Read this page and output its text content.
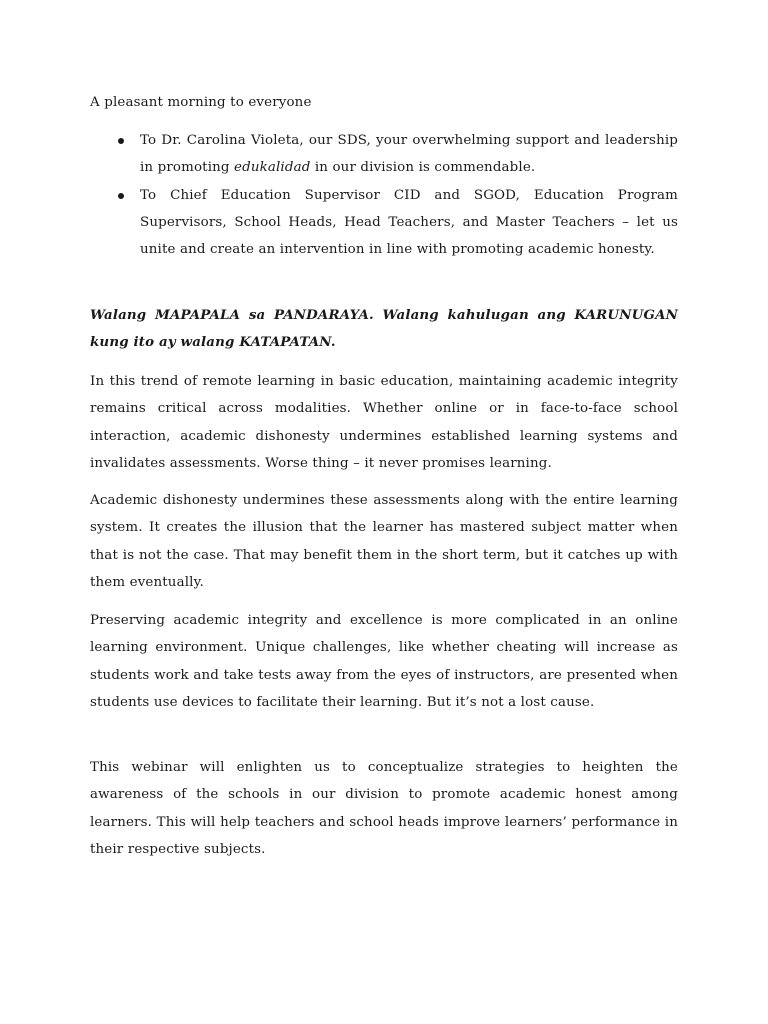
A pleasant morning to everyone

To Dr. Carolina Violeta, our SDS, your overwhelming support and leadership in promoting edukalidad in our division is commendable.
To Chief Education Supervisor CID and SGOD, Education Program Supervisors, School Heads, Head Teachers, and Master Teachers – let us unite and create an intervention in line with promoting academic honesty.

Walang MAPAPALA sa PANDARAYA. Walang kahulugan ang KARUNUGAN kung ito ay walang KATAPATAN.

In this trend of remote learning in basic education, maintaining academic integrity remains critical across modalities. Whether online or in face-to-face school interaction, academic dishonesty undermines established learning systems and invalidates assessments. Worse thing – it never promises learning.

Academic dishonesty undermines these assessments along with the entire learning system. It creates the illusion that the learner has mastered subject matter when that is not the case. That may benefit them in the short term, but it catches up with them eventually.

Preserving academic integrity and excellence is more complicated in an online learning environment. Unique challenges, like whether cheating will increase as students work and take tests away from the eyes of instructors, are presented when students use devices to facilitate their learning. But it’s not a lost cause.

This webinar will enlighten us to conceptualize strategies to heighten the awareness of the schools in our division to promote academic honest among learners. This will help teachers and school heads improve learners’ performance in their respective subjects.
